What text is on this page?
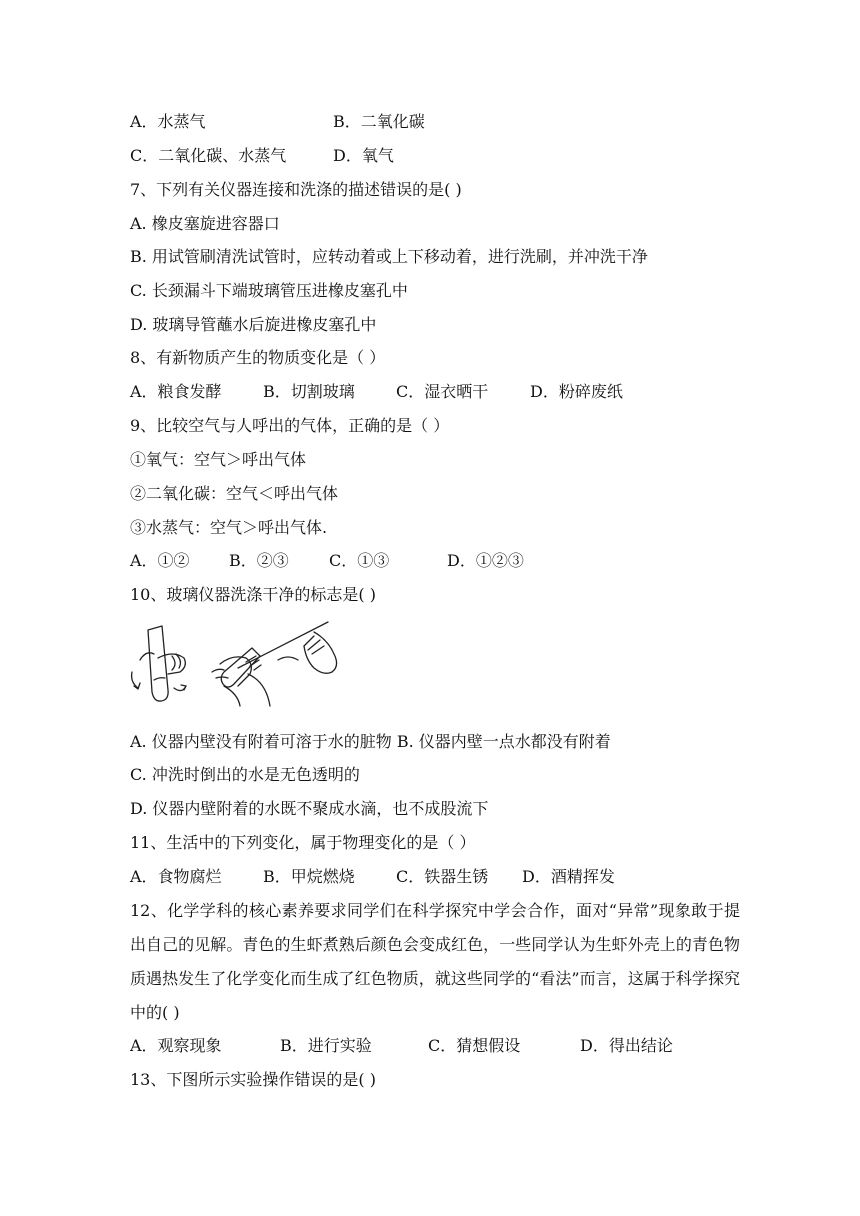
A．水蒸气	B．二氧化碳
C．二氧化碳、水蒸气	D．氧气
7、下列有关仪器连接和洗涤的描述错误的是( )
A. 橡皮塞旋进容器口
B. 用试管刷清洗试管时，应转动着或上下移动着，进行洗刷，并冲洗干净
C. 长颈漏斗下端玻璃管压进橡皮塞孔中
D. 玻璃导管蘸水后旋进橡皮塞孔中
8、有新物质产生的物质变化是（ ）
A．粮食发酵	B．切割玻璃	C．湿衣晒干	D．粉碎废纸
9、比较空气与人呼出的气体，正确的是（ ）
①氧气：空气＞呼出气体
②二氧化碳：空气＜呼出气体
③水蒸气：空气＞呼出气体.
A．①② B．②③	C．①③	D．①②③
10、玻璃仪器洗涤干净的标志是( )
A. 仪器内壁没有附着可溶于水的脏物 B. 仪器内壁一点水都没有附着
C. 冲洗时倒出的水是无色透明的
D. 仪器内壁附着的水既不聚成水滴，也不成股流下
11、生活中的下列变化，属于物理变化的是（ ）
A．食物腐烂	B．甲烷燃烧	C．铁器生锈 D．酒精挥发
12、化学学科的核心素养要求同学们在科学探究中学会合作，面对“异常”现象敢于提出自己的见解。青色的生虾煮熟后颜色会变成红色，一些同学认为生虾外壳上的青色物质遇热发生了化学变化而生成了红色物质，就这些同学的“看法”而言，这属于科学探究中的( )
A．观察现象	B．进行实验	C．猜想假设	D．得出结论
13、下图所示实验操作错误的是( )
